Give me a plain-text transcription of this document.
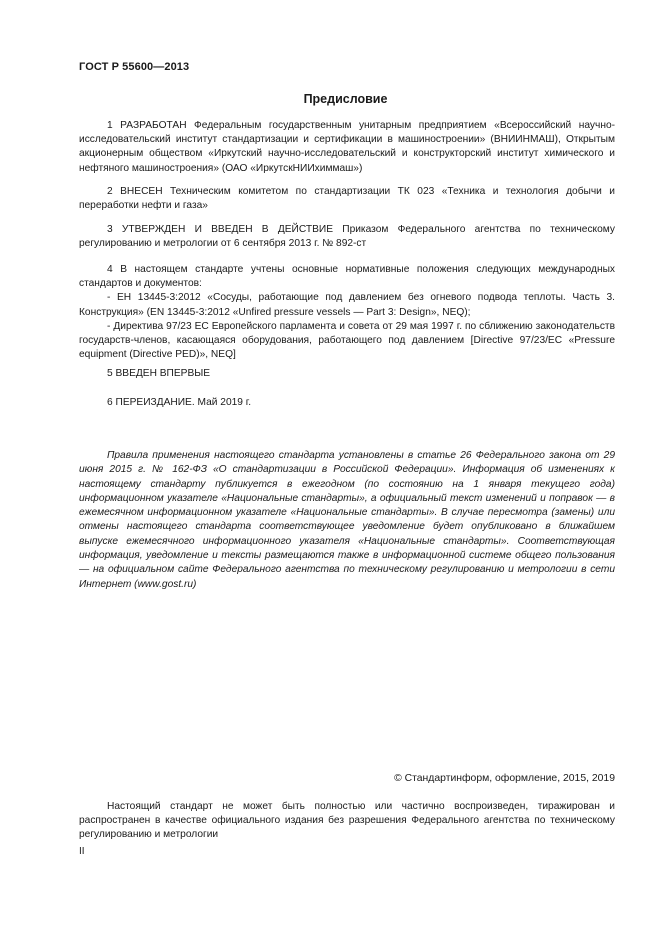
ГОСТ Р 55600—2013
Предисловие

1 РАЗРАБОТАН Федеральным государственным унитарным предприятием «Всероссийский научно-исследовательский институт стандартизации и сертификации в машиностроении» (ВНИИНМАШ), Открытым акционерным обществом «Иркутский научно-исследовательский и конструкторский институт химического и нефтяного машиностроения» (ОАО «ИркутскНИИхиммаш»)

2 ВНЕСЕН Техническим комитетом по стандартизации ТК 023 «Техника и технология добычи и переработки нефти и газа»

3 УТВЕРЖДЕН И ВВЕДЕН В ДЕЙСТВИЕ Приказом Федерального агентства по техническому регулированию и метрологии от 6 сентября 2013 г. № 892-ст

4 В настоящем стандарте учтены основные нормативные положения следующих международных стандартов и документов:

- ЕН 13445-3:2012 «Сосуды, работающие под давлением без огневого подвода теплоты. Часть 3. Конструкция» (EN 13445-3:2012 «Unfired pressure vessels — Part 3: Design», NEQ);

- Директива 97/23 ЕС Европейского парламента и совета от 29 мая 1997 г. по сближению законодательств государств-членов, касающаяся оборудования, работающего под давлением [Directive 97/23/EC «Pressure equipment (Directive PED)», NEQ]

5 ВВЕДЕН ВПЕРВЫЕ

6 ПЕРЕИЗДАНИЕ. Май 2019 г.

Правила применения настоящего стандарта установлены в статье 26 Федерального закона от 29 июня 2015 г. № 162-ФЗ «О стандартизации в Российской Федерации». Информация об изменениях к настоящему стандарту публикуется в ежегодном (по состоянию на 1 января текущего года) информационном указателе «Национальные стандарты», а официальный текст изменений и поправок — в ежемесячном информационном указателе «Национальные стандарты». В случае пересмотра (замены) или отмены настоящего стандарта соответствующее уведомление будет опубликовано в ближайшем выпуске ежемесячного информационного указателя «Национальные стандарты». Соответствующая информация, уведомление и тексты размещаются также в информационной системе общего пользования — на официальном сайте Федерального агентства по техническому регулированию и метрологии в сети Интернет (www.gost.ru)

© Стандартинформ, оформление, 2015, 2019

Настоящий стандарт не может быть полностью или частично воспроизведен, тиражирован и распространен в качестве официального издания без разрешения Федерального агентства по техническому регулированию и метрологии

II
